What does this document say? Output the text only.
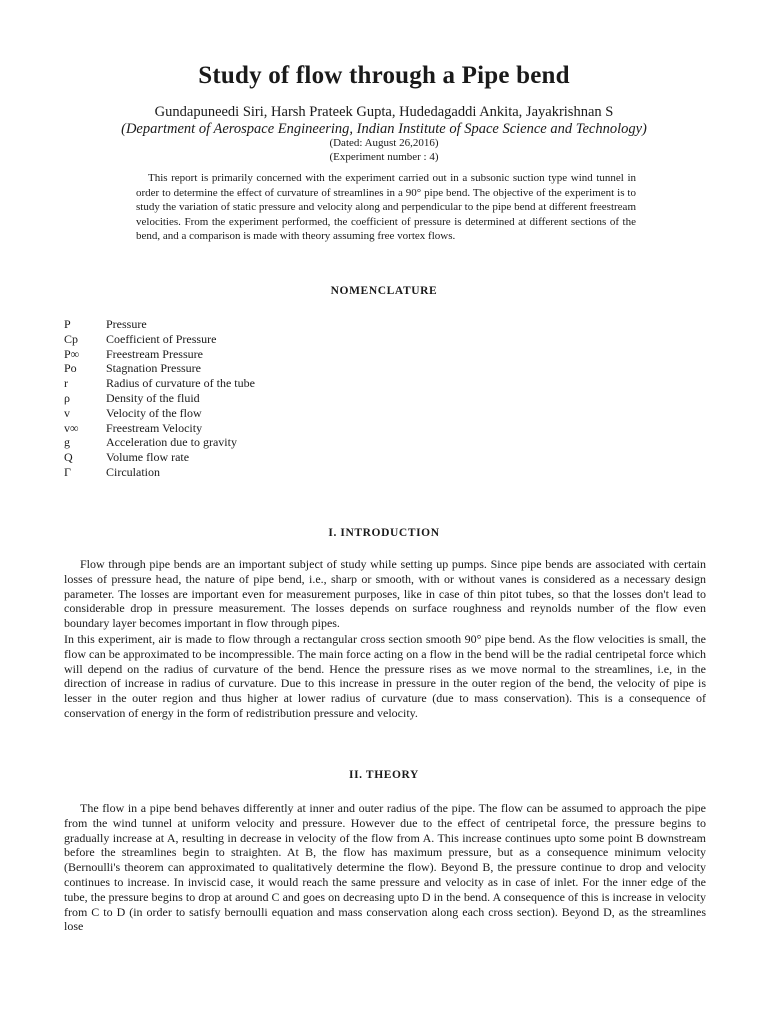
Study of flow through a Pipe bend
Gundapuneedi Siri, Harsh Prateek Gupta, Hudedagaddi Ankita, Jayakrishnan S
(Department of Aerospace Engineering, Indian Institute of Space Science and Technology)
(Dated: August 26,2016)
(Experiment number : 4)
This report is primarily concerned with the experiment carried out in a subsonic suction type wind tunnel in order to determine the effect of curvature of streamlines in a 90° pipe bend. The objective of the experiment is to study the variation of static pressure and velocity along and perpendicular to the pipe bend at different freestream velocities. From the experiment performed, the coefficient of pressure is determined at different sections of the bend, and a comparison is made with theory assuming free vortex flows.
NOMENCLATURE
P	Pressure
Cp Coefficient of Pressure
P∞ Freestream Pressure
Po Stagnation Pressure
r	Radius of curvature of the tube
ρ	Density of the fluid
v	Velocity of the flow
v∞ Freestream Velocity
g	Acceleration due to gravity
Q	Volume flow rate
Γ	Circulation
I. INTRODUCTION
Flow through pipe bends are an important subject of study while setting up pumps. Since pipe bends are associated with certain losses of pressure head, the nature of pipe bend, i.e., sharp or smooth, with or without vanes is considered as a necessary design parameter. The losses are important even for measurement purposes, like in case of thin pitot tubes, so that the losses don't lead to considerable drop in pressure measurement. The losses depends on surface roughness and reynolds number of the flow even boundary layer becomes important in flow through pipes.
In this experiment, air is made to flow through a rectangular cross section smooth 90° pipe bend. As the flow velocities is small, the flow can be approximated to be incompressible. The main force acting on a flow in the bend will be the radial centripetal force which will depend on the radius of curvature of the bend. Hence the pressure rises as we move normal to the streamlines, i.e, in the direction of increase in radius of curvature. Due to this increase in pressure in the outer region of the bend, the velocity of pipe is lesser in the outer region and thus higher at lower radius of curvature (due to mass conservation). This is a consequence of conservation of energy in the form of redistribution pressure and velocity.
II. THEORY
The flow in a pipe bend behaves differently at inner and outer radius of the pipe. The flow can be assumed to approach the pipe from the wind tunnel at uniform velocity and pressure. However due to the effect of centripetal force, the pressure begins to gradually increase at A, resulting in decrease in velocity of the flow from A. This increase continues upto some point B downstream before the streamlines begin to straighten. At B, the flow has maximum pressure, but as a consequence minimum velocity (Bernoulli's theorem can approximated to qualitatively determine the flow). Beyond B, the pressure continue to drop and velocity continues to increase. In inviscid case, it would reach the same pressure and velocity as in case of inlet. For the inner edge of the tube, the pressure begins to drop at around C and goes on decreasing upto D in the bend. A consequence of this is increase in velocity from C to D (in order to satisfy bernoulli equation and mass conservation along each cross section). Beyond D, as the streamlines lose
